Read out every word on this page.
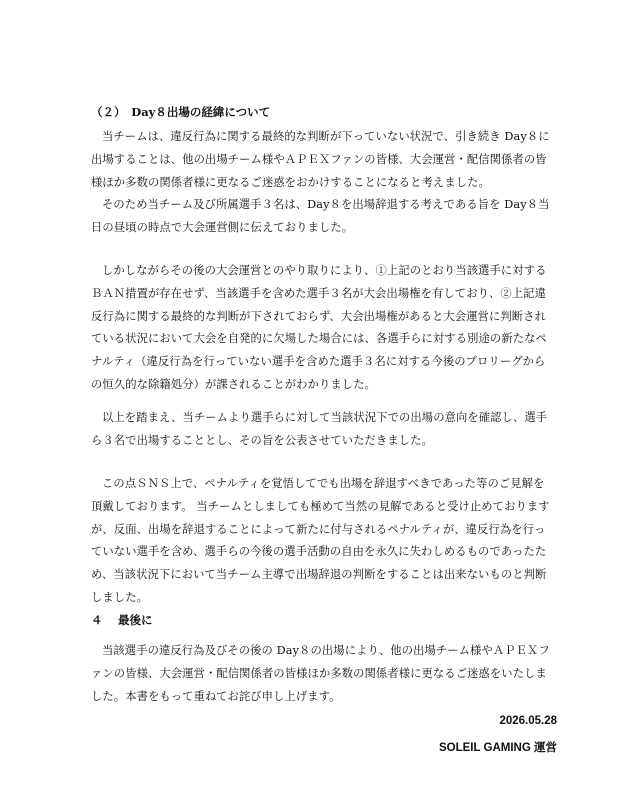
（２）　Day８出場の経緯について
当チームは、違反行為に関する最終的な判断が下っていない状況で、引き続き Day８に
出場することは、他の出場チーム様やＡＰＥＸファンの皆様、大会運営・配信関係者の皆
様ほか多数の関係者様に更なるご迷惑をおかけすることになると考えました。
そのため当チーム及び所属選手３名は、Day８を出場辞退する考えである旨を Day８当
日の昼頃の時点で大会運営側に伝えておりました。
しかしながらその後の大会運営とのやり取りにより、①上記のとおり当該選手に対する
ＢＡＮ措置が存在せず、当該選手を含めた選手３名が大会出場権を有しており、②上記違
反行為に関する最終的な判断が下されておらず、大会出場権があると大会運営に判断され
ている状況において大会を自発的に欠場した場合には、各選手らに対する別途の新たなペ
ナルティ（違反行為を行っていない選手を含めた選手３名に対する今後のプロリーグから
の恒久的な除籍処分）が課されることがわかりました。
以上を踏まえ、当チームより選手らに対して当該状況下での出場の意向を確認し、選手
ら３名で出場することとし、その旨を公表させていただきました。
この点ＳＮＳ上で、ペナルティを覚悟してでも出場を辞退すべきであった等のご見解を
頂戴しております。 当チームとしましても極めて当然の見解であると受け止めております
が、反面、出場を辞退することによって新たに付与されるペナルティが、違反行為を行っ
ていない選手を含め、選手らの今後の選手活動の自由を永久に失わしめるものであったた
め、当該状況下において当チーム主導で出場辞退の判断をすることは出来ないものと判断
しました。
４　 最後に
当該選手の違反行為及びその後の Day８の出場により、他の出場チーム様やＡＰＥＸフ
ァンの皆様、大会運営・配信関係者の皆様ほか多数の関係者様に更なるご迷惑をいたしま
した。本書をもって重ねてお詫び申し上げます。
2026.05.28
SOLEIL GAMING 運営
